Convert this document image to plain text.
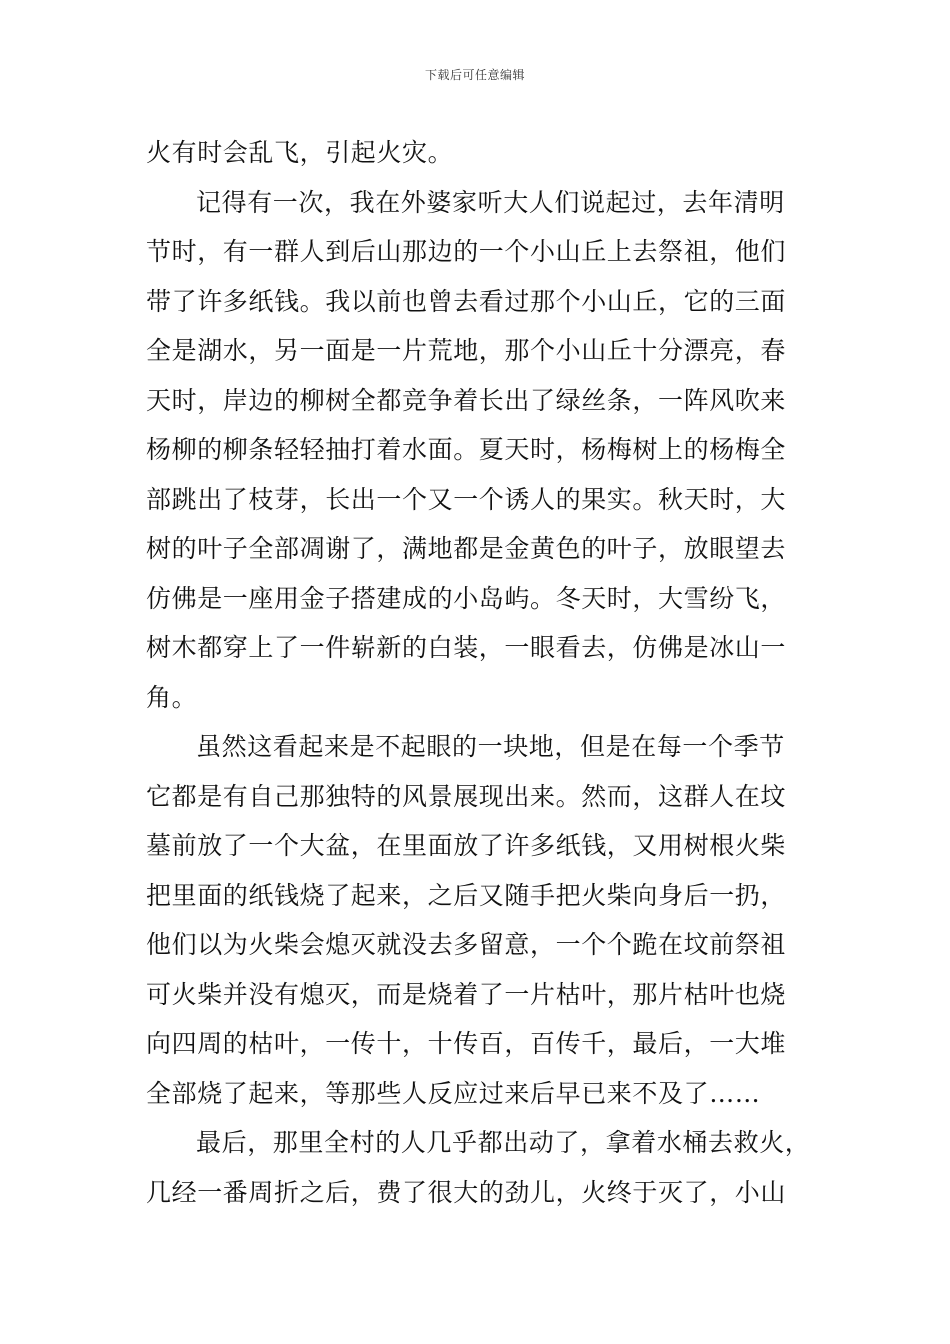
下载后可任意编辑
火有时会乱飞，引起火灾。
记得有一次，我在外婆家听大人们说起过，去年清明
节时，有一群人到后山那边的一个小山丘上去祭祖，他们
带了许多纸钱。我以前也曾去看过那个小山丘，它的三面
全是湖水，另一面是一片荒地，那个小山丘十分漂亮，春
天时，岸边的柳树全都竞争着长出了绿丝条，一阵风吹来
杨柳的柳条轻轻抽打着水面。夏天时，杨梅树上的杨梅全
部跳出了枝芽，长出一个又一个诱人的果实。秋天时，大
树的叶子全部凋谢了，满地都是金黄色的叶子，放眼望去
仿佛是一座用金子搭建成的小岛屿。冬天时，大雪纷飞，
树木都穿上了一件崭新的白装，一眼看去，仿佛是冰山一
角。
虽然这看起来是不起眼的一块地，但是在每一个季节
它都是有自己那独特的风景展现出来。然而，这群人在坟
墓前放了一个大盆，在里面放了许多纸钱，又用树根火柴
把里面的纸钱烧了起来，之后又随手把火柴向身后一扔，
他们以为火柴会熄灭就没去多留意，一个个跪在坟前祭祖
可火柴并没有熄灭，而是烧着了一片枯叶，那片枯叶也烧
向四周的枯叶，一传十，十传百，百传千，最后，一大堆
全部烧了起来，等那些人反应过来后早已来不及了……
最后，那里全村的人几乎都出动了，拿着水桶去救火，
几经一番周折之后，费了很大的劲儿，火终于灭了，小山
